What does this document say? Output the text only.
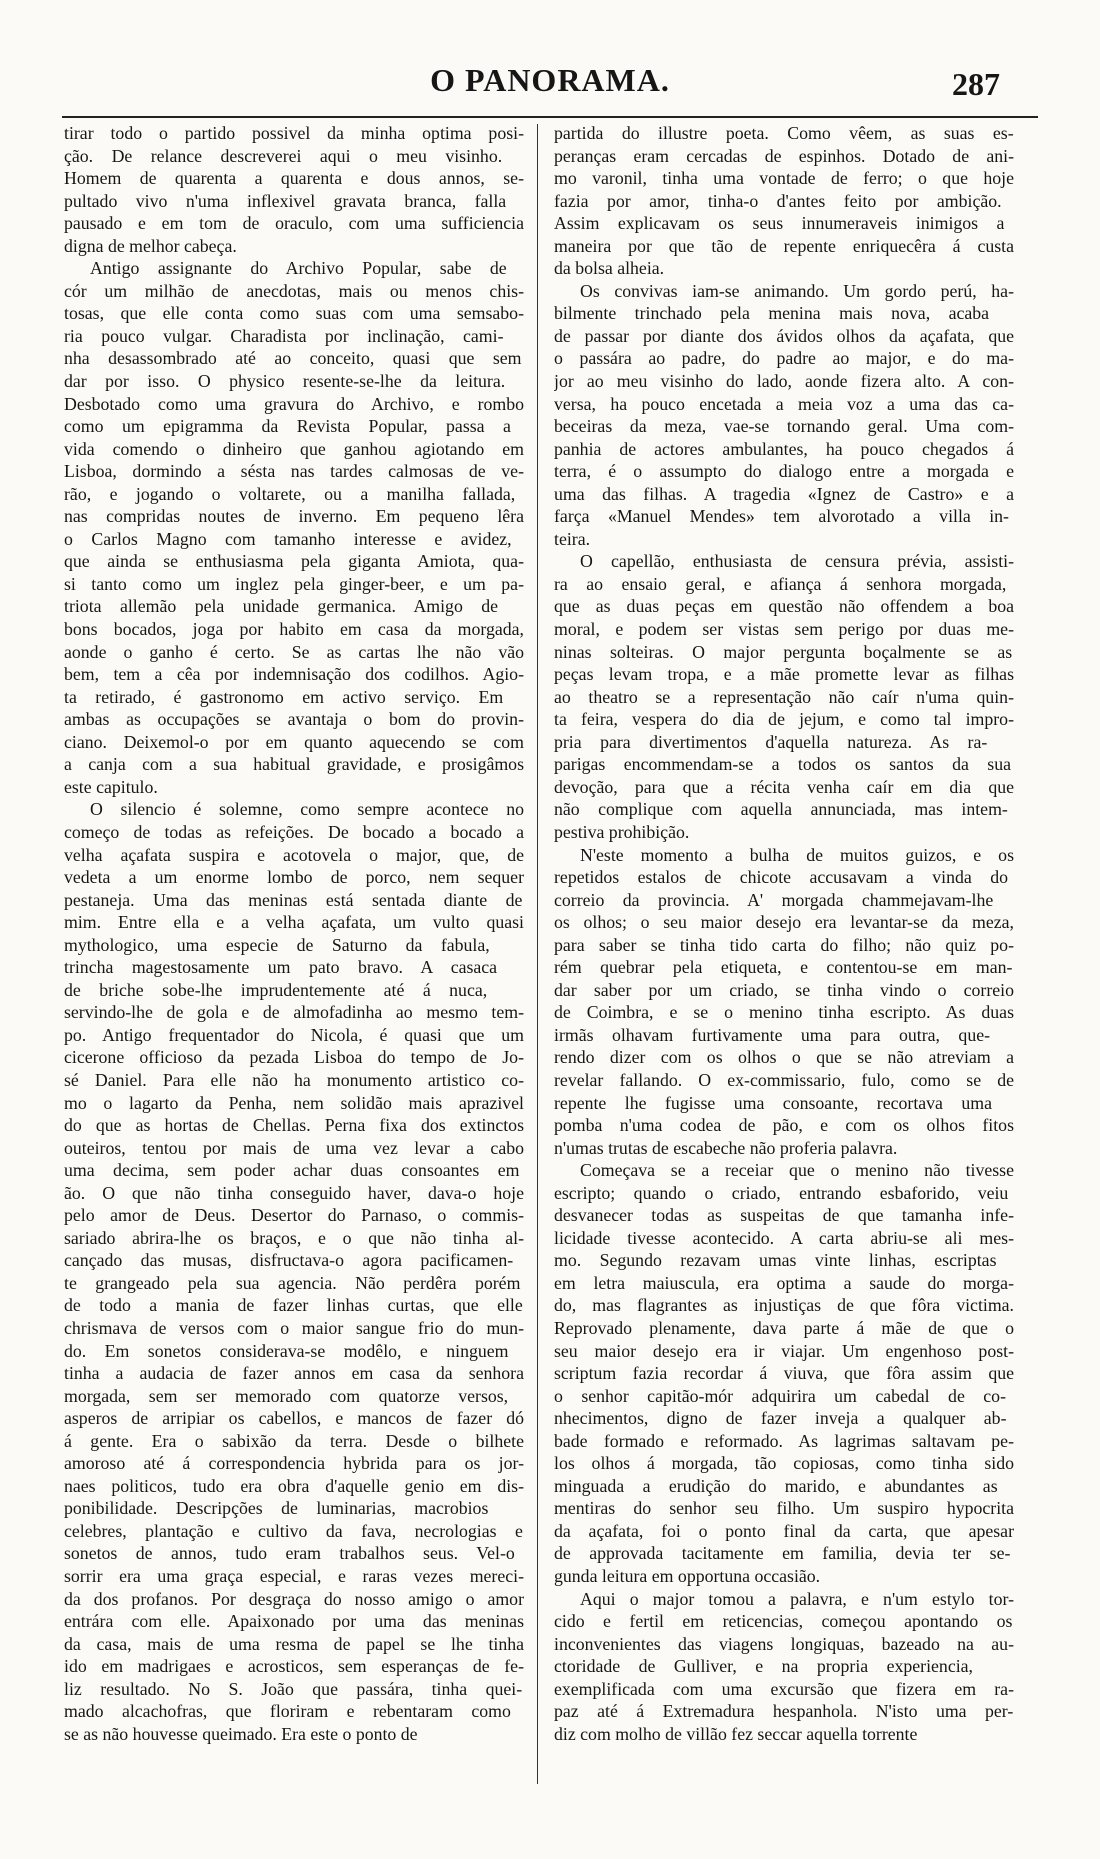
O PANORAMA.	287
tirar todo o partido possivel da minha optima posi-
ção. De relance descreverei aqui o meu visinho.
Homem de quarenta a quarenta e dous annos, se-
pultado vivo n'uma inflexivel gravata branca, falla
pausado e em tom de oraculo, com uma sufficiencia
digna de melhor cabeça.
Antigo assignante do Archivo Popular, sabe de
cór um milhão de anecdotas, mais ou menos chis-
tosas, que elle conta como suas com uma semsabo-
ria pouco vulgar. Charadista por inclinação, cami-
nha desassombrado até ao conceito, quasi que sem
dar por isso. O physico resente-se-lhe da leitura.
Desbotado como uma gravura do Archivo, e rombo
como um epigramma da Revista Popular, passa a
vida comendo o dinheiro que ganhou agiotando em
Lisboa, dormindo a sésta nas tardes calmosas de ve-
rão, e jogando o voltarete, ou a manilha fallada,
nas compridas noutes de inverno. Em pequeno lêra
o Carlos Magno com tamanho interesse e avidez,
que ainda se enthusiasma pela giganta Amiota, qua-
si tanto como um inglez pela ginger-beer, e um pa-
triota allemão pela unidade germanica. Amigo de
bons bocados, joga por habito em casa da morgada,
aonde o ganho é certo. Se as cartas lhe não vão
bem, tem a cêa por indemnisação dos codilhos. Agio-
ta retirado, é gastronomo em activo serviço. Em
ambas as occupações se avantaja o bom do provin-
ciano. Deixemol-o por em quanto aquecendo se com
a canja com a sua habitual gravidade, e prosigâmos
este capitulo.
O silencio é solemne, como sempre acontece no
começo de todas as refeições. De bocado a bocado a
velha açafata suspira e acotovela o major, que, de
vedeta a um enorme lombo de porco, nem sequer
pestaneja. Uma das meninas está sentada diante de
mim. Entre ella e a velha açafata, um vulto quasi
mythologico, uma especie de Saturno da fabula,
trincha magestosamente um pato bravo. A casaca
de briche sobe-lhe imprudentemente até á nuca,
servindo-lhe de gola e de almofadinha ao mesmo tem-
po. Antigo frequentador do Nicola, é quasi que um
cicerone officioso da pezada Lisboa do tempo de Jo-
sé Daniel. Para elle não ha monumento artistico co-
mo o lagarto da Penha, nem solidão mais aprazivel
do que as hortas de Chellas. Perna fixa dos extinctos
outeiros, tentou por mais de uma vez levar a cabo
uma decima, sem poder achar duas consoantes em
ão. O que não tinha conseguido haver, dava-o hoje
pelo amor de Deus. Desertor do Parnaso, o commis-
sariado abrira-lhe os braços, e o que não tinha al-
cançado das musas, disfructava-o agora pacificamen-
te grangeado pela sua agencia. Não perdêra porém
de todo a mania de fazer linhas curtas, que elle
chrismava de versos com o maior sangue frio do mun-
do. Em sonetos considerava-se modêlo, e ninguem
tinha a audacia de fazer annos em casa da senhora
morgada, sem ser memorado com quatorze versos,
asperos de arripiar os cabellos, e mancos de fazer dó
á gente. Era o sabixão da terra. Desde o bilhete
amoroso até á correspondencia hybrida para os jor-
naes politicos, tudo era obra d'aquelle genio em dis-
ponibilidade. Descripções de luminarias, macrobios
celebres, plantação e cultivo da fava, necrologias e
sonetos de annos, tudo eram trabalhos seus. Vel-o
sorrir era uma graça especial, e raras vezes mereci-
da dos profanos. Por desgraça do nosso amigo o amor
entrára com elle. Apaixonado por uma das meninas
da casa, mais de uma resma de papel se lhe tinha
ido em madrigaes e acrosticos, sem esperanças de fe-
liz resultado. No S. João que passára, tinha quei-
mado alcachofras, que floriram e rebentaram como
se as não houvesse queimado. Era este o ponto de
partida do illustre poeta. Como vêem, as suas es-
peranças eram cercadas de espinhos. Dotado de ani-
mo varonil, tinha uma vontade de ferro; o que hoje
fazia por amor, tinha-o d'antes feito por ambição.
Assim explicavam os seus innumeraveis inimigos a
maneira por que tão de repente enriquecêra á custa
da bolsa alheia.
Os convivas iam-se animando. Um gordo perú, ha-
bilmente trinchado pela menina mais nova, acaba
de passar por diante dos ávidos olhos da açafata, que
o passára ao padre, do padre ao major, e do ma-
jor ao meu visinho do lado, aonde fizera alto. A con-
versa, ha pouco encetada a meia voz a uma das ca-
beceiras da meza, vae-se tornando geral. Uma com-
panhia de actores ambulantes, ha pouco chegados á
terra, é o assumpto do dialogo entre a morgada e
uma das filhas. A tragedia «Ignez de Castro» e a
farça «Manuel Mendes» tem alvorotado a villa in-
teira.
O capellão, enthusiasta de censura prévia, assisti-
ra ao ensaio geral, e afiança á senhora morgada,
que as duas peças em questão não offendem a boa
moral, e podem ser vistas sem perigo por duas me-
ninas solteiras. O major pergunta boçalmente se as
peças levam tropa, e a mãe promette levar as filhas
ao theatro se a representação não caír n'uma quin-
ta feira, vespera do dia de jejum, e como tal impro-
pria para divertimentos d'aquella natureza. As ra-
parigas encommendam-se a todos os santos da sua
devoção, para que a récita venha caír em dia que
não complique com aquella annunciada, mas intem-
pestiva prohibição.
N'este momento a bulha de muitos guizos, e os
repetidos estalos de chicote accusavam a vinda do
correio da provincia. A' morgada chammejavam-lhe
os olhos; o seu maior desejo era levantar-se da meza,
para saber se tinha tido carta do filho; não quiz po-
rém quebrar pela etiqueta, e contentou-se em man-
dar saber por um criado, se tinha vindo o correio
de Coimbra, e se o menino tinha escripto. As duas
irmãs olhavam furtivamente uma para outra, que-
rendo dizer com os olhos o que se não atreviam a
revelar fallando. O ex-commissario, fulo, como se de
repente lhe fugisse uma consoante, recortava uma
pomba n'uma codea de pão, e com os olhos fitos
n'umas trutas de escabeche não proferia palavra.
Começava se a receiar que o menino não tivesse
escripto; quando o criado, entrando esbaforido, veiu
desvanecer todas as suspeitas de que tamanha infe-
licidade tivesse acontecido. A carta abriu-se ali mes-
mo. Segundo rezavam umas vinte linhas, escriptas
em letra maiuscula, era optima a saude do morga-
do, mas flagrantes as injustiças de que fôra victima.
Reprovado plenamente, dava parte á mãe de que o
seu maior desejo era ir viajar. Um engenhoso post-
scriptum fazia recordar á viuva, que fôra assim que
o senhor capitão-mór adquirira um cabedal de co-
nhecimentos, digno de fazer inveja a qualquer ab-
bade formado e reformado. As lagrimas saltavam pe-
los olhos á morgada, tão copiosas, como tinha sido
minguada a erudição do marido, e abundantes as
mentiras do senhor seu filho. Um suspiro hypocrita
da açafata, foi o ponto final da carta, que apesar
de approvada tacitamente em familia, devia ter se-
gunda leitura em opportuna occasião.
Aqui o major tomou a palavra, e n'um estylo tor-
cido e fertil em reticencias, começou apontando os
inconvenientes das viagens longiquas, bazeado na au-
ctoridade de Gulliver, e na propria experiencia,
exemplificada com uma excursão que fizera em ra-
paz até á Extremadura hespanhola. N'isto uma per-
diz com molho de villão fez seccar aquella torrente
